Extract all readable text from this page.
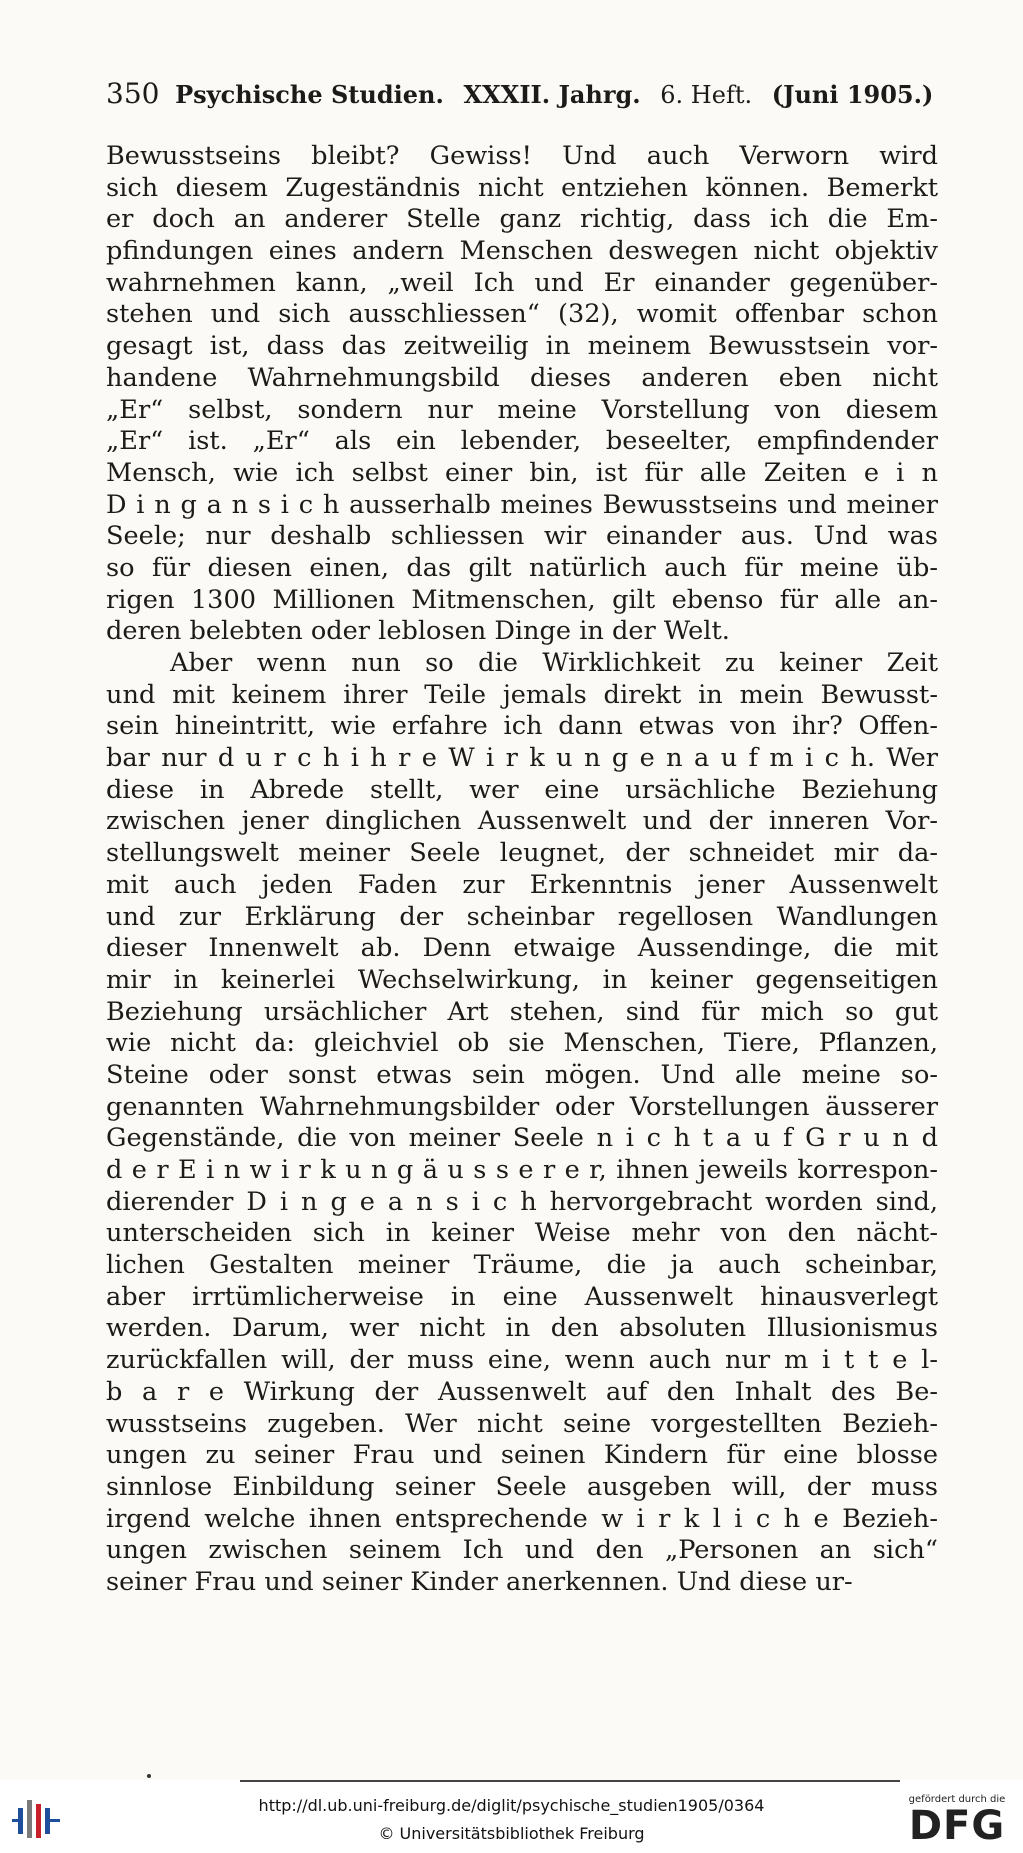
350 Psychische Studien. XXXII. Jahrg. 6. Heft. (Juni 1905.)
Bewusstseins bleibt? Gewiss! Und auch Verworn wird
sich diesem Zugeständnis nicht entziehen können. Bemerkt
er doch an anderer Stelle ganz richtig, dass ich die Em-
pfindungen eines andern Menschen deswegen nicht objektiv
wahrnehmen kann, „weil Ich und Er einander gegenüber-
stehen und sich ausschliessen“ (32), womit offenbar schon
gesagt ist, dass das zeitweilig in meinem Bewusstsein vor-
handene Wahrnehmungsbild dieses anderen eben nicht
„Er“ selbst, sondern nur meine Vorstellung von diesem
„Er“ ist. „Er“ als ein lebender, beseelter, empfindender
Mensch, wie ich selbst einer bin, ist für alle Zeiten e i n
D i n g a n s i c h ausserhalb meines Bewusstseins und meiner
Seele; nur deshalb schliessen wir einander aus. Und was
so für diesen einen, das gilt natürlich auch für meine üb-
rigen 1300 Millionen Mitmenschen, gilt ebenso für alle an-
deren belebten oder leblosen Dinge in der Welt.
Aber wenn nun so die Wirklichkeit zu keiner Zeit
und mit keinem ihrer Teile jemals direkt in mein Bewusst-
sein hineintritt, wie erfahre ich dann etwas von ihr? Offen-
bar nur d u r c h i h r e W i r k u n g e n a u f m i c h. Wer
diese in Abrede stellt, wer eine ursächliche Beziehung
zwischen jener dinglichen Aussenwelt und der inneren Vor-
stellungswelt meiner Seele leugnet, der schneidet mir da-
mit auch jeden Faden zur Erkenntnis jener Aussenwelt
und zur Erklärung der scheinbar regellosen Wandlungen
dieser Innenwelt ab. Denn etwaige Aussendinge, die mit
mir in keinerlei Wechselwirkung, in keiner gegenseitigen
Beziehung ursächlicher Art stehen, sind für mich so gut
wie nicht da: gleichviel ob sie Menschen, Tiere, Pflanzen,
Steine oder sonst etwas sein mögen. Und alle meine so-
genannten Wahrnehmungsbilder oder Vorstellungen äusserer
Gegenstände, die von meiner Seele n i c h t a u f G r u n d
d e r E i n w i r k u n g ä u s s e r e r, ihnen jeweils korrespon-
dierender D i n g e a n s i c h hervorgebracht worden sind,
unterscheiden sich in keiner Weise mehr von den nächt-
lichen Gestalten meiner Träume, die ja auch scheinbar,
aber irrtümlicherweise in eine Aussenwelt hinausverlegt
werden. Darum, wer nicht in den absoluten Illusionismus
zurückfallen will, der muss eine, wenn auch nur m i t t e l-
b a r e Wirkung der Aussenwelt auf den Inhalt des Be-
wusstseins zugeben. Wer nicht seine vorgestellten Bezieh-
ungen zu seiner Frau und seinen Kindern für eine blosse
sinnlose Einbildung seiner Seele ausgeben will, der muss
irgend welche ihnen entsprechende w i r k l i c h e Bezieh-
ungen zwischen seinem Ich und den „Personen an sich“
seiner Frau und seiner Kinder anerkennen. Und diese ur-
http://dl.ub.uni-freiburg.de/diglit/psychische_studien1905/0364
© Universitätsbibliothek Freiburg
gefördert durch die
DFG
